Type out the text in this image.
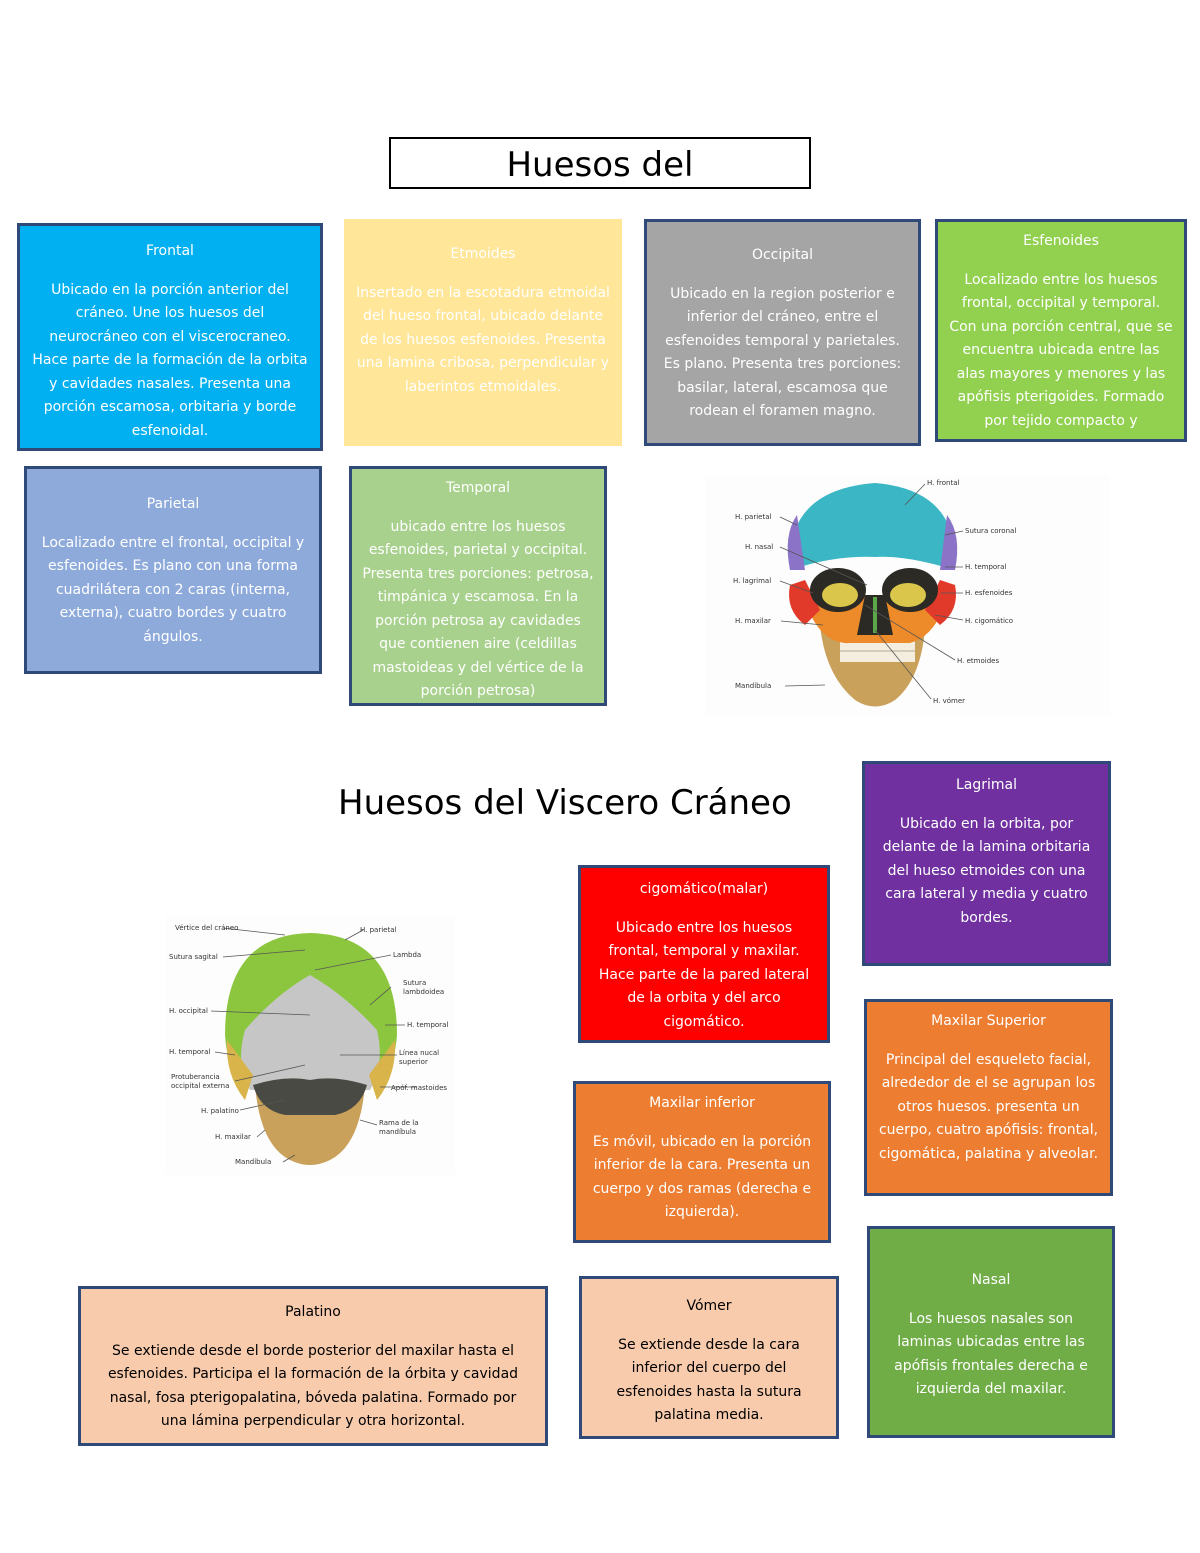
Huesos del
Frontal
Ubicado en la porción anterior del cráneo. Une los huesos del neurocráneo con el viscerocraneo. Hace parte de la formación de la orbita y cavidades nasales. Presenta una porción escamosa, orbitaria y borde esfenoidal.
Etmoides
Insertado en la escotadura etmoidal del hueso frontal, ubicado delante de los huesos esfenoides. Presenta una lamina cribosa, perpendicular y laberintos etmoidales.
Occipital
Ubicado en la region posterior e inferior del cráneo, entre el esfenoides temporal y parietales. Es plano. Presenta tres porciones: basilar, lateral, escamosa que rodean el foramen magno.
Esfenoides
Localizado entre los huesos frontal, occipital y temporal. Con una porción central, que se encuentra ubicada entre las alas mayores y menores y las apófisis pterigoides. Formado por tejido compacto y
Parietal
Localizado entre el frontal, occipital y esfenoides. Es plano con una forma cuadrilátera con 2 caras (interna, externa), cuatro bordes y cuatro ángulos.
Temporal
ubicado entre los huesos esfenoides, parietal y occipital. Presenta tres porciones: petrosa, timpánica y escamosa. En la porción petrosa ay cavidades que contienen aire (celdillas mastoideas y del vértice de la porción petrosa)
H. frontal
H. parietal
Sutura coronal
H. nasal
H. temporal
H. lagrimal
H. esfenoides
H. maxilar	H. cigomático
H. etmoides
Mandíbula
H. vómer
Lagrimal
Ubicado en la orbita, por delante de la lamina orbitaria del hueso etmoides con una cara lateral y media y cuatro bordes.
Huesos del Viscero Cráneo
cigomático(malar)
Ubicado entre los huesos frontal, temporal y maxilar. Hace parte de la pared lateral de la orbita y del arco cigomático.
Vértice del cráneo	H. parietal
Sutura sagital	Lambda
Sutura
lambdoidea
H. occipital
H. temporal
H. temporal	Línea nucal
superior
Protuberancia
occipital externa	Apóf. mastoides
H. palatino
Rama de la
mandíbula
H. maxilar
Mandíbula
Maxilar Superior
Principal del esqueleto facial, alrededor de el se agrupan los otros huesos. presenta un cuerpo, cuatro apófisis: frontal, cigomática, palatina y alveolar.
Maxilar inferior
Es móvil, ubicado en la porción inferior de la cara. Presenta un cuerpo y dos ramas (derecha e izquierda).
Nasal
Los huesos nasales son laminas ubicadas entre las apófisis frontales derecha e izquierda del maxilar.
Palatino
Se extiende desde el borde posterior del maxilar hasta el esfenoides. Participa el la formación de la órbita y cavidad nasal, fosa pterigopalatina, bóveda palatina. Formado por una lámina perpendicular y otra horizontal.
Vómer
Se extiende desde la cara inferior del cuerpo del esfenoides hasta la sutura palatina media.
